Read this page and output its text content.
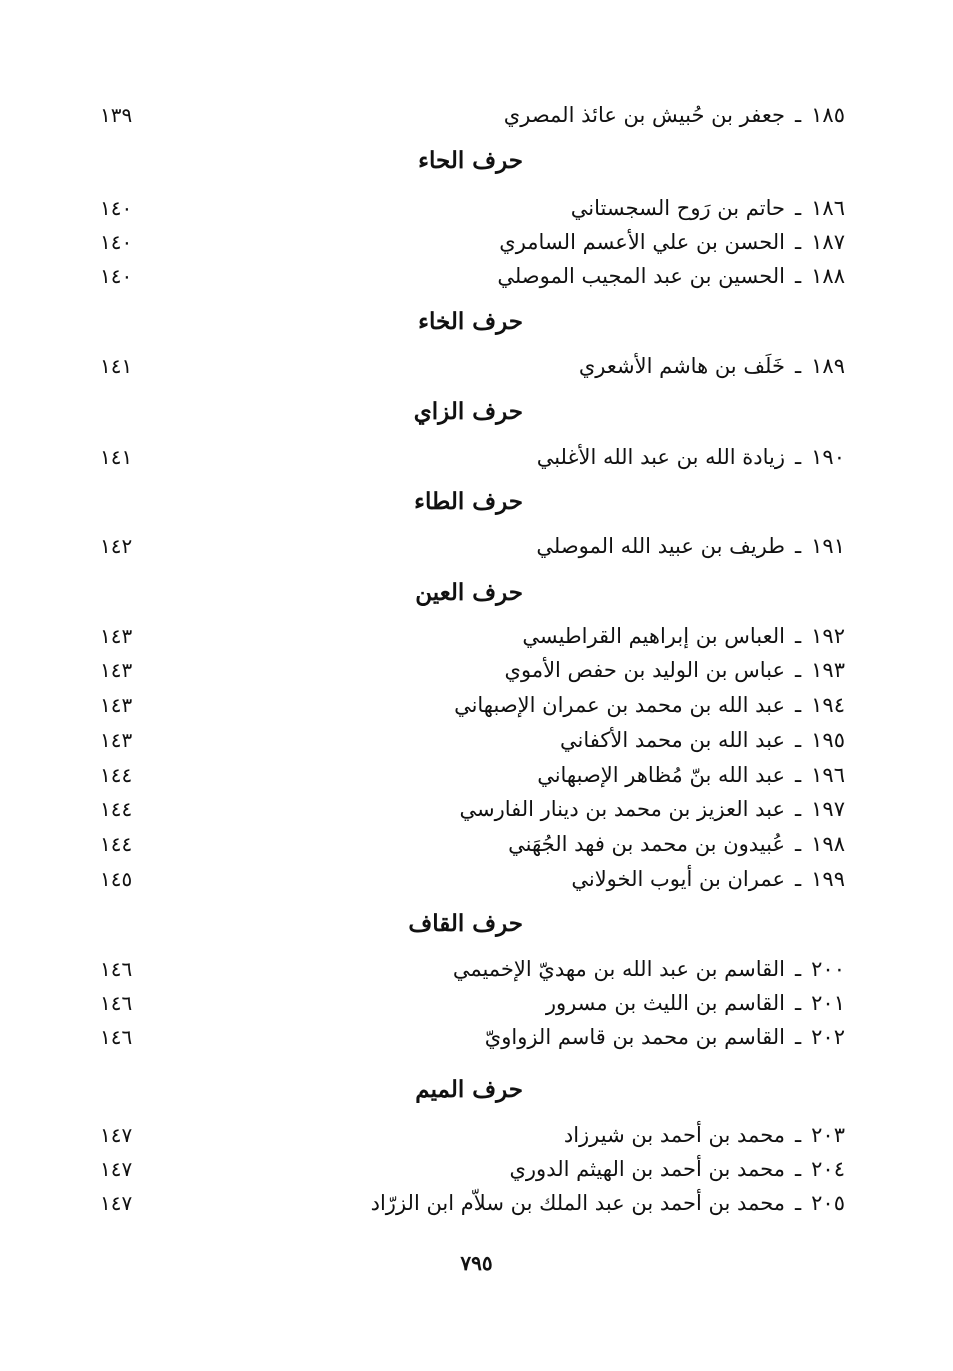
١٨٥ـجعفر بن حُبيش بن عائذ المصري
١٣٩
حرف الحاء
١٨٦ـحاتم بن رَوح السجستاني
١٤٠
١٨٧ـالحسن بن علي الأعسم السامري
١٤٠
١٨٨ـالحسين بن عبد المجيب الموصلي
١٤٠
حرف الخاء
١٨٩ـخَلَف بن هاشم الأشعري
١٤١
حرف الزاي
١٩٠ـزيادة الله بن عبد الله الأغلبي
١٤١
حرف الطاء
١٩١ـطريف بن عبيد الله الموصلي
١٤٢
حرف العين
١٩٢ـالعباس بن إبراهيم القراطيسي
١٤٣
١٩٣ـعباس بن الوليد بن حفص الأموي
١٤٣
١٩٤ـعبد الله بن محمد بن عمران الإصبهاني
١٤٣
١٩٥ـعبد الله بن محمد الأكفاني
١٤٣
١٩٦ـعبد الله بنّ مُظاهر الإصبهاني
١٤٤
١٩٧ـعبد العزيز بن محمد بن دينار الفارسي
١٤٤
١٩٨ـعُبيدون بن محمد بن فهد الجُهَني
١٤٤
١٩٩ـعمران بن أيوب الخولاني
١٤٥
حرف القاف
٢٠٠ـالقاسم بن عبد الله بن مهديّ الإخميمي
١٤٦
٢٠١ـالقاسم بن الليث بن مسرور
١٤٦
٢٠٢ـالقاسم بن محمد بن قاسم الزواويّ
١٤٦
حرف الميم
٢٠٣ـمحمد بن أحمد بن شيرزاد
١٤٧
٢٠٤ـمحمد بن أحمد بن الهيثم الدوري
١٤٧
٢٠٥ـمحمد بن أحمد بن عبد الملك بن سلاّم ابن الزرّاد
١٤٧
٧٩٥
